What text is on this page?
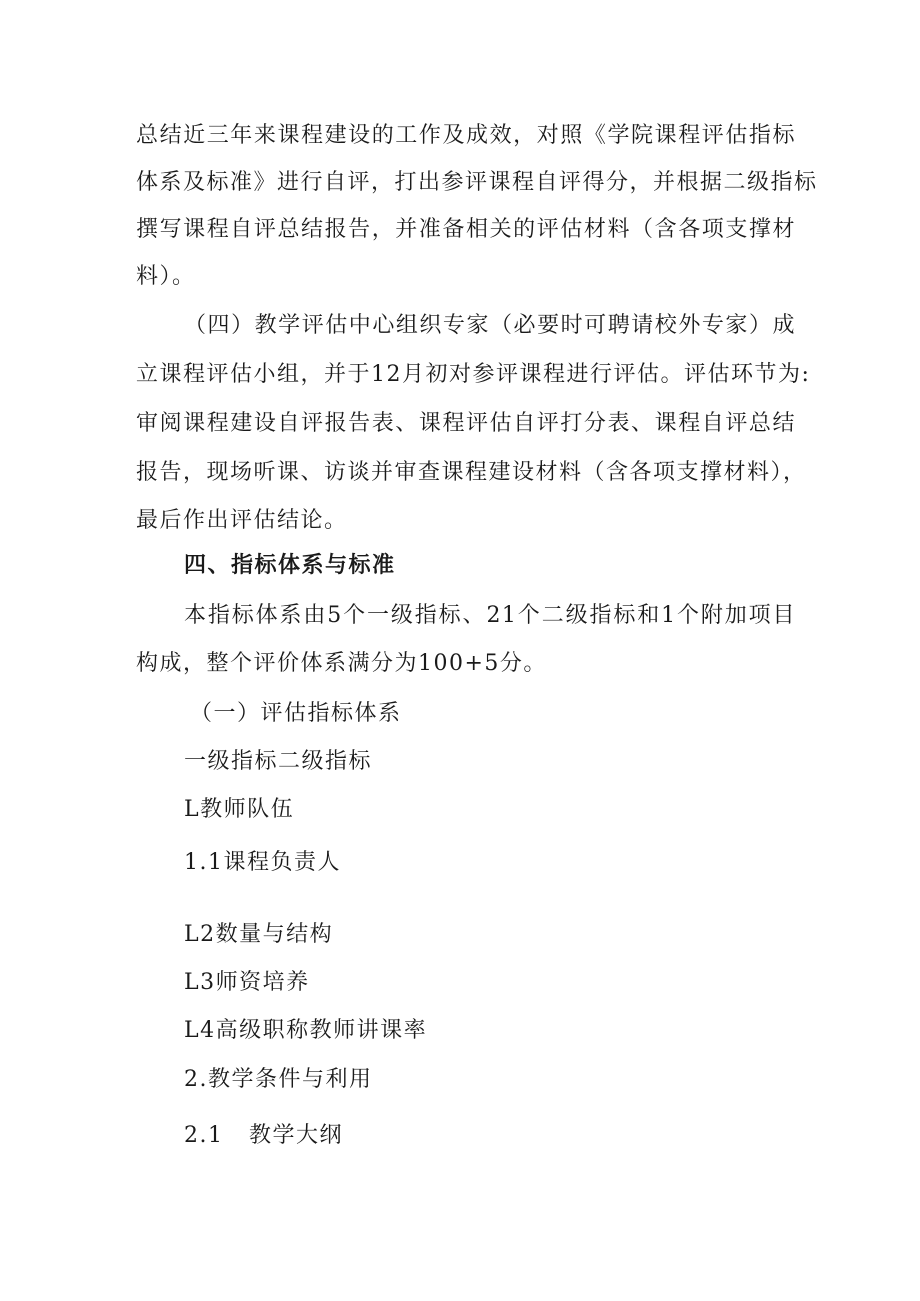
总结近三年来课程建设的工作及成效，对照《学院课程评估指标
体系及标准》进行自评，打出参评课程自评得分，并根据二级指标
撰写课程自评总结报告，并准备相关的评估材料（含各项支撑材
料）。
（四）教学评估中心组织专家（必要时可聘请校外专家）成
立课程评估小组，并于12月初对参评课程进行评估。评估环节为:
审阅课程建设自评报告表、课程评估自评打分表、课程自评总结
报告，现场听课、访谈并审查课程建设材料（含各项支撑材料），
最后作出评估结论。
四、指标体系与标准
本指标体系由5个一级指标、21个二级指标和1个附加项目
构成，整个评价体系满分为100+5分。
（一）评估指标体系
一级指标二级指标
L教师队伍
1.1课程负责人
L2数量与结构
L3师资培养
L4高级职称教师讲课率
2.教学条件与利用
2.1   教学大纲
